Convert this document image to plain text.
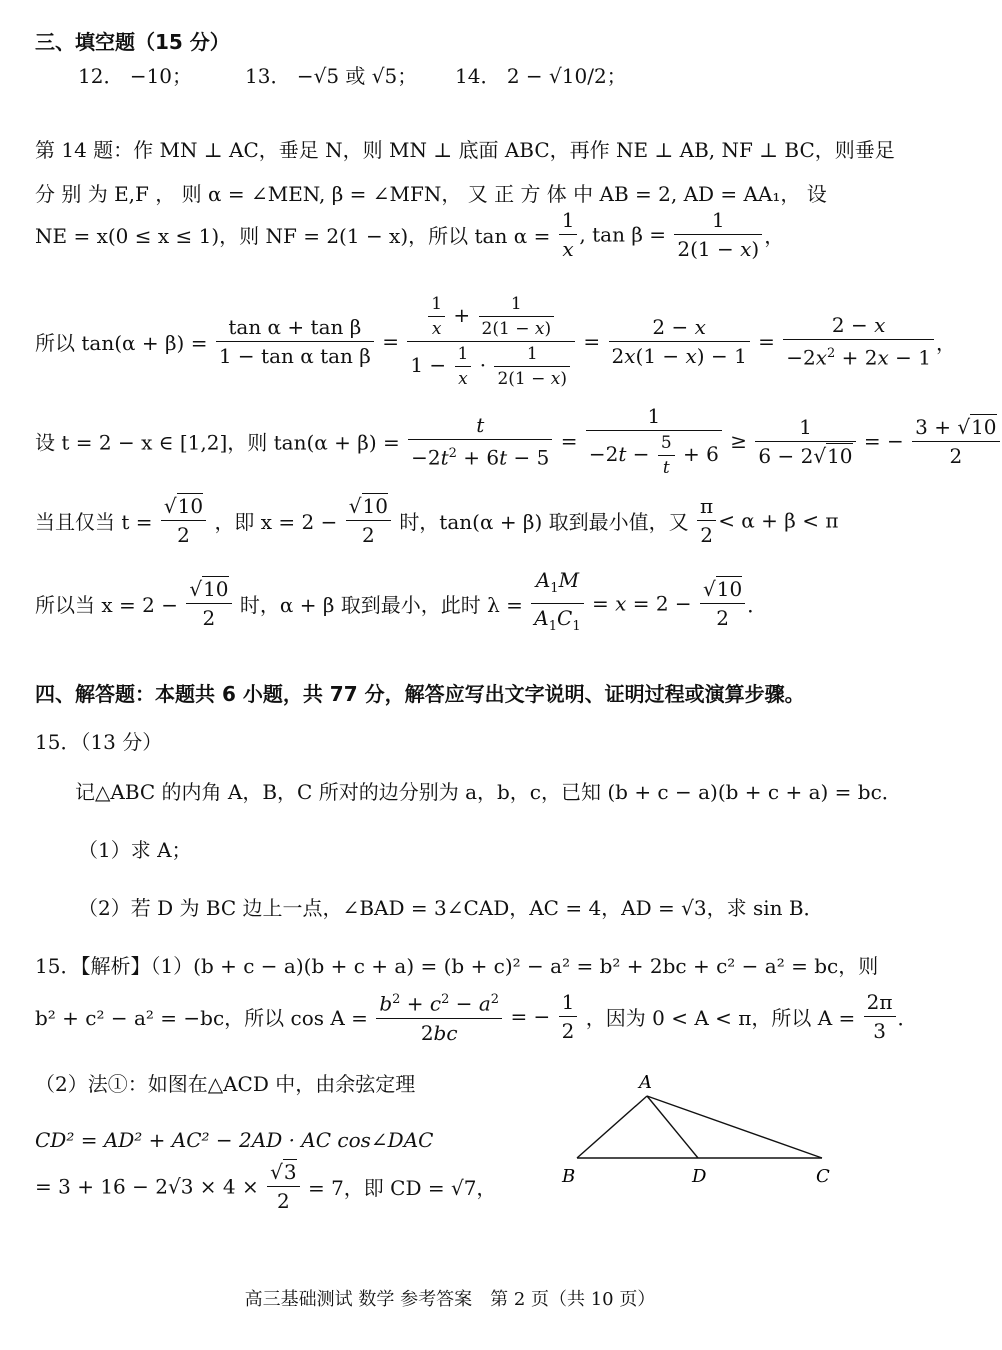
三、填空题（15 分）
12． −10；	13． −√5 或 √5； 14． 2 − √10/2；
第 14 题：作 MN ⊥ AC，垂足 N，则 MN ⊥ 底面 ABC，再作 NE ⊥ AB, NF ⊥ BC，则垂足
分 别 为 E,F ， 则 α = ∠MEN, β = ∠MFN， 又 正 方 体 中 AB = 2, AD = AA₁， 设
NE = x(0 ≤ x ≤ 1)，则 NF = 2(1 − x)，所以 $\tan \alpha = \frac{1}{x}$ , $\tan \beta = \frac{1}{2(1 - x)}$ ，
所以 $\tan(\alpha + \beta) = \frac{\text{tan α + tan β}}{\text{1 − tan α tan β}} = \frac{\frac{1}{x} + \frac{1}{2(1 - x)}}{1 - \frac{1}{x} \cdot \frac{1}{2(1 - x)}} = \frac{2 - x}{2x(1 - x) - 1} = \frac{2 - x}{-2x^2 + 2x - 1}$ ，
设 t = 2 − x ∈ [1,2]，则 $\tan(\alpha + \beta) = \frac{t}{-2t^2 + 6t - 5} = \frac{1}{-2t - \frac{5}{t} + 6} \ge \frac{1}{6 - 2√10}$ = − $\frac{3 + √10}{2}$
当且仅当 $t = \frac{√10}{2}$ ，即 $x = 2 - \frac{√10}{2}$ 时，tan(α + β) 取到最小值，又 $\frac{\pi}{2} < \alpha + \beta < \pi$
所以当 $x = 2 - \frac{√10}{2}$ 时，α + β 取到最小，此时 $\lambda = \frac{A_1M}{A_1C_1} = x = 2 - \frac{√10}{2}$ ．
四、解答题：本题共 6 小题，共 77 分，解答应写出文字说明、证明过程或演算步骤。
15．（13 分）
记△ABC 的内角 A，B，C 所对的边分别为 a，b，c，已知 (b + c − a)(b + c + a) = bc．
（1）求 A；
（2）若 D 为 BC 边上一点，∠BAD = 3∠CAD，AC = 4，AD = √3，求 sin B．
15．【解析】（1）(b + c − a)(b + c + a) = (b + c)² − a² = b² + 2bc + c² − a² = bc，则
b² + c² − a² = −bc，所以 $\cos A = \frac{b^2 + c^2 - a^2}{2bc}$ = − $\frac{1}{2}$ ，因为 0 < A < π，所以 $A = \frac{2\pi}{3}$ ．
（2）法①：如图在△ACD 中，由余弦定理
CD² = AD² + AC² − 2AD · AC cos∠DAC
= $3 + 16 - 2√3 \times 4 \times \frac{√3}{2} = 7$，即 CD = √7，
A
B	D	C
高三基础测试 数学 参考答案　第 2 页（共 10 页）
